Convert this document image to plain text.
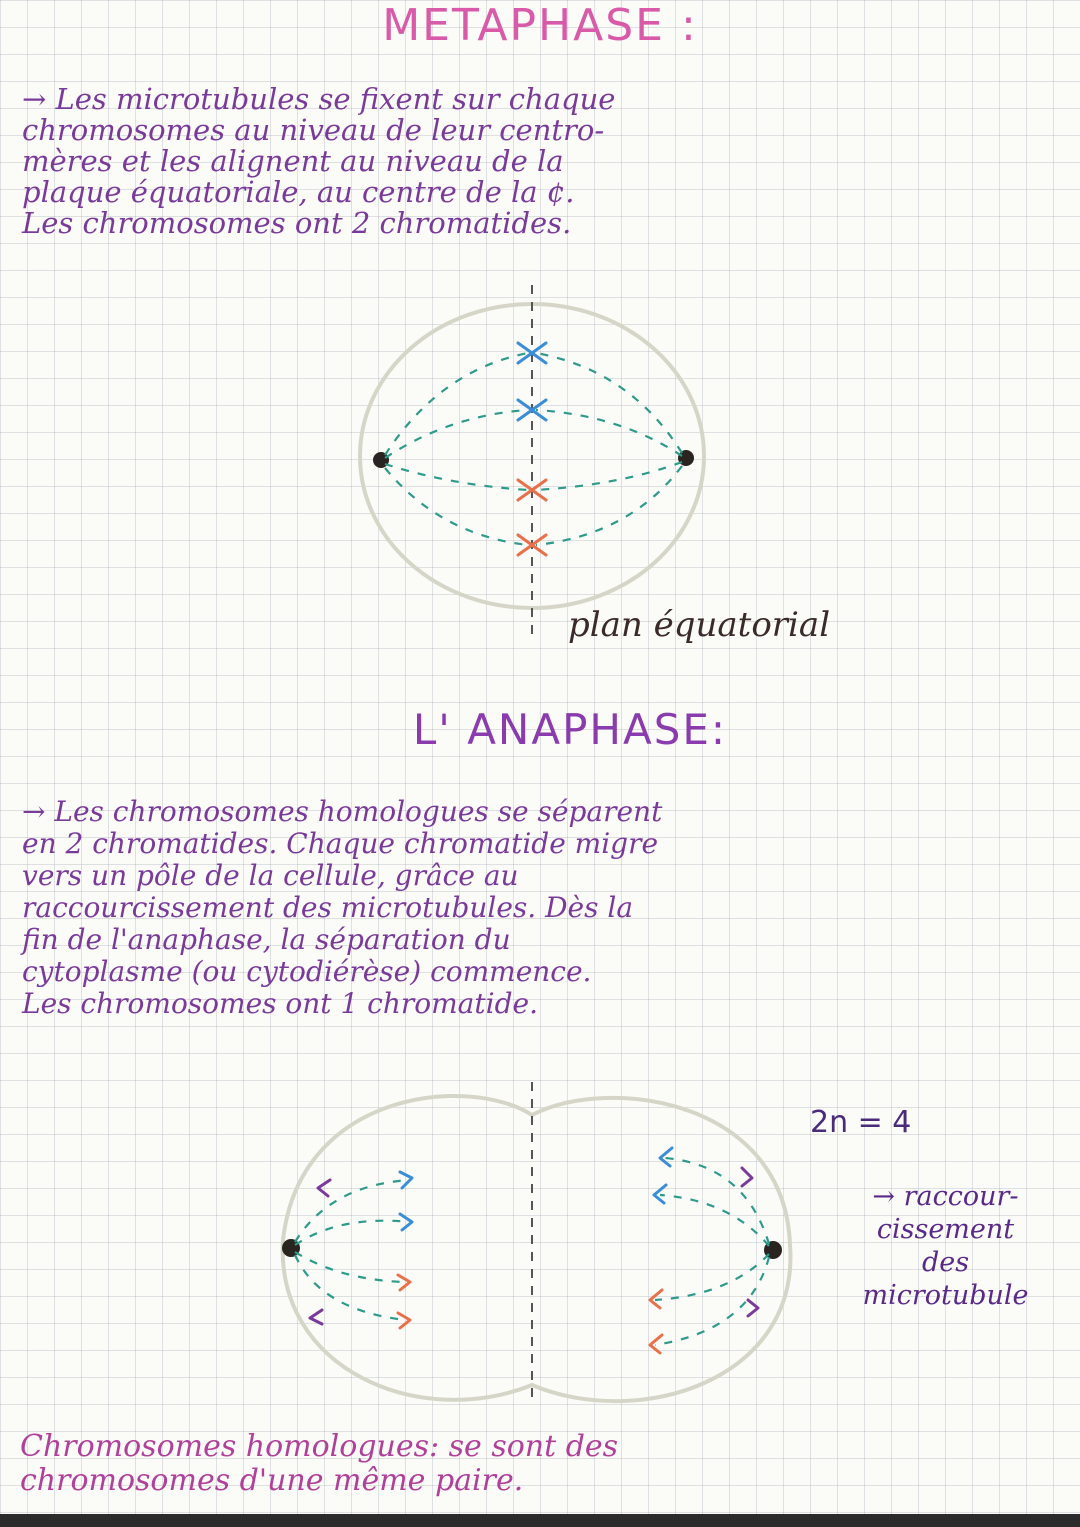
METAPHASE :
→ Les microtubules se fixent sur chaque
chromosomes au niveau de leur centro-
mères et les alignent au niveau de la
plaque équatoriale, au centre de la ¢.
Les chromosomes ont 2 chromatides.
plan équatorial
L' ANAPHASE:
→ Les chromosomes homologues se séparent
en 2 chromatides. Chaque chromatide migre
vers un pôle de la cellule, grâce au
raccourcissement des microtubules. Dès la
fin de l'anaphase, la séparation du
cytoplasme (ou cytodiérèse) commence.
Les chromosomes ont 1 chromatide.
2n = 4
→ raccour-
cissement
des
microtubule
Chromosomes homologues: se sont des
chromosomes d'une même paire.
